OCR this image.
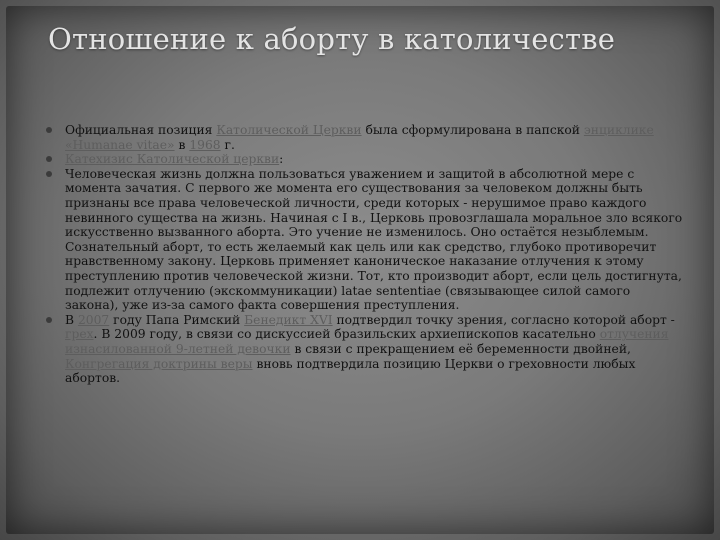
Отношение к аборту в католичестве
Официальная позиция Католической Церкви была сформулирована в папской энциклике «Humanae vitae» в 1968 г.
Катехизис Католической церкви:
Человеческая жизнь должна пользоваться уважением и защитой в абсолютной мере с момента зачатия. С первого же момента его существования за человеком должны быть признаны все права человеческой личности, среди которых - нерушимое право каждого невинного существа на жизнь. Начиная с I в., Церковь провозглашала моральное зло всякого искусственно вызванного аборта. Это учение не изменилось. Оно остаётся незыблемым. Сознательный аборт, то есть желаемый как цель или как средство, глубоко противоречит нравственному закону. Церковь применяет каноническое наказание отлучения к этому преступлению против человеческой жизни. Тот, кто производит аборт, если цель достигнута, подлежит отлучению (экскоммуникации) latae sententiae (связывающее силой самого закона), уже из-за самого факта совершения преступления.
В 2007 году Папа Римский Бенедикт XVI подтвердил точку зрения, согласно которой аборт - грех. В 2009 году, в связи со дискуссией бразильских архиепископов касательно отлучения изнасилованной 9-летней девочки в связи с прекращением её беременности двойней, Конгрегация доктрины веры вновь подтвердила позицию Церкви о греховности любых абортов.
